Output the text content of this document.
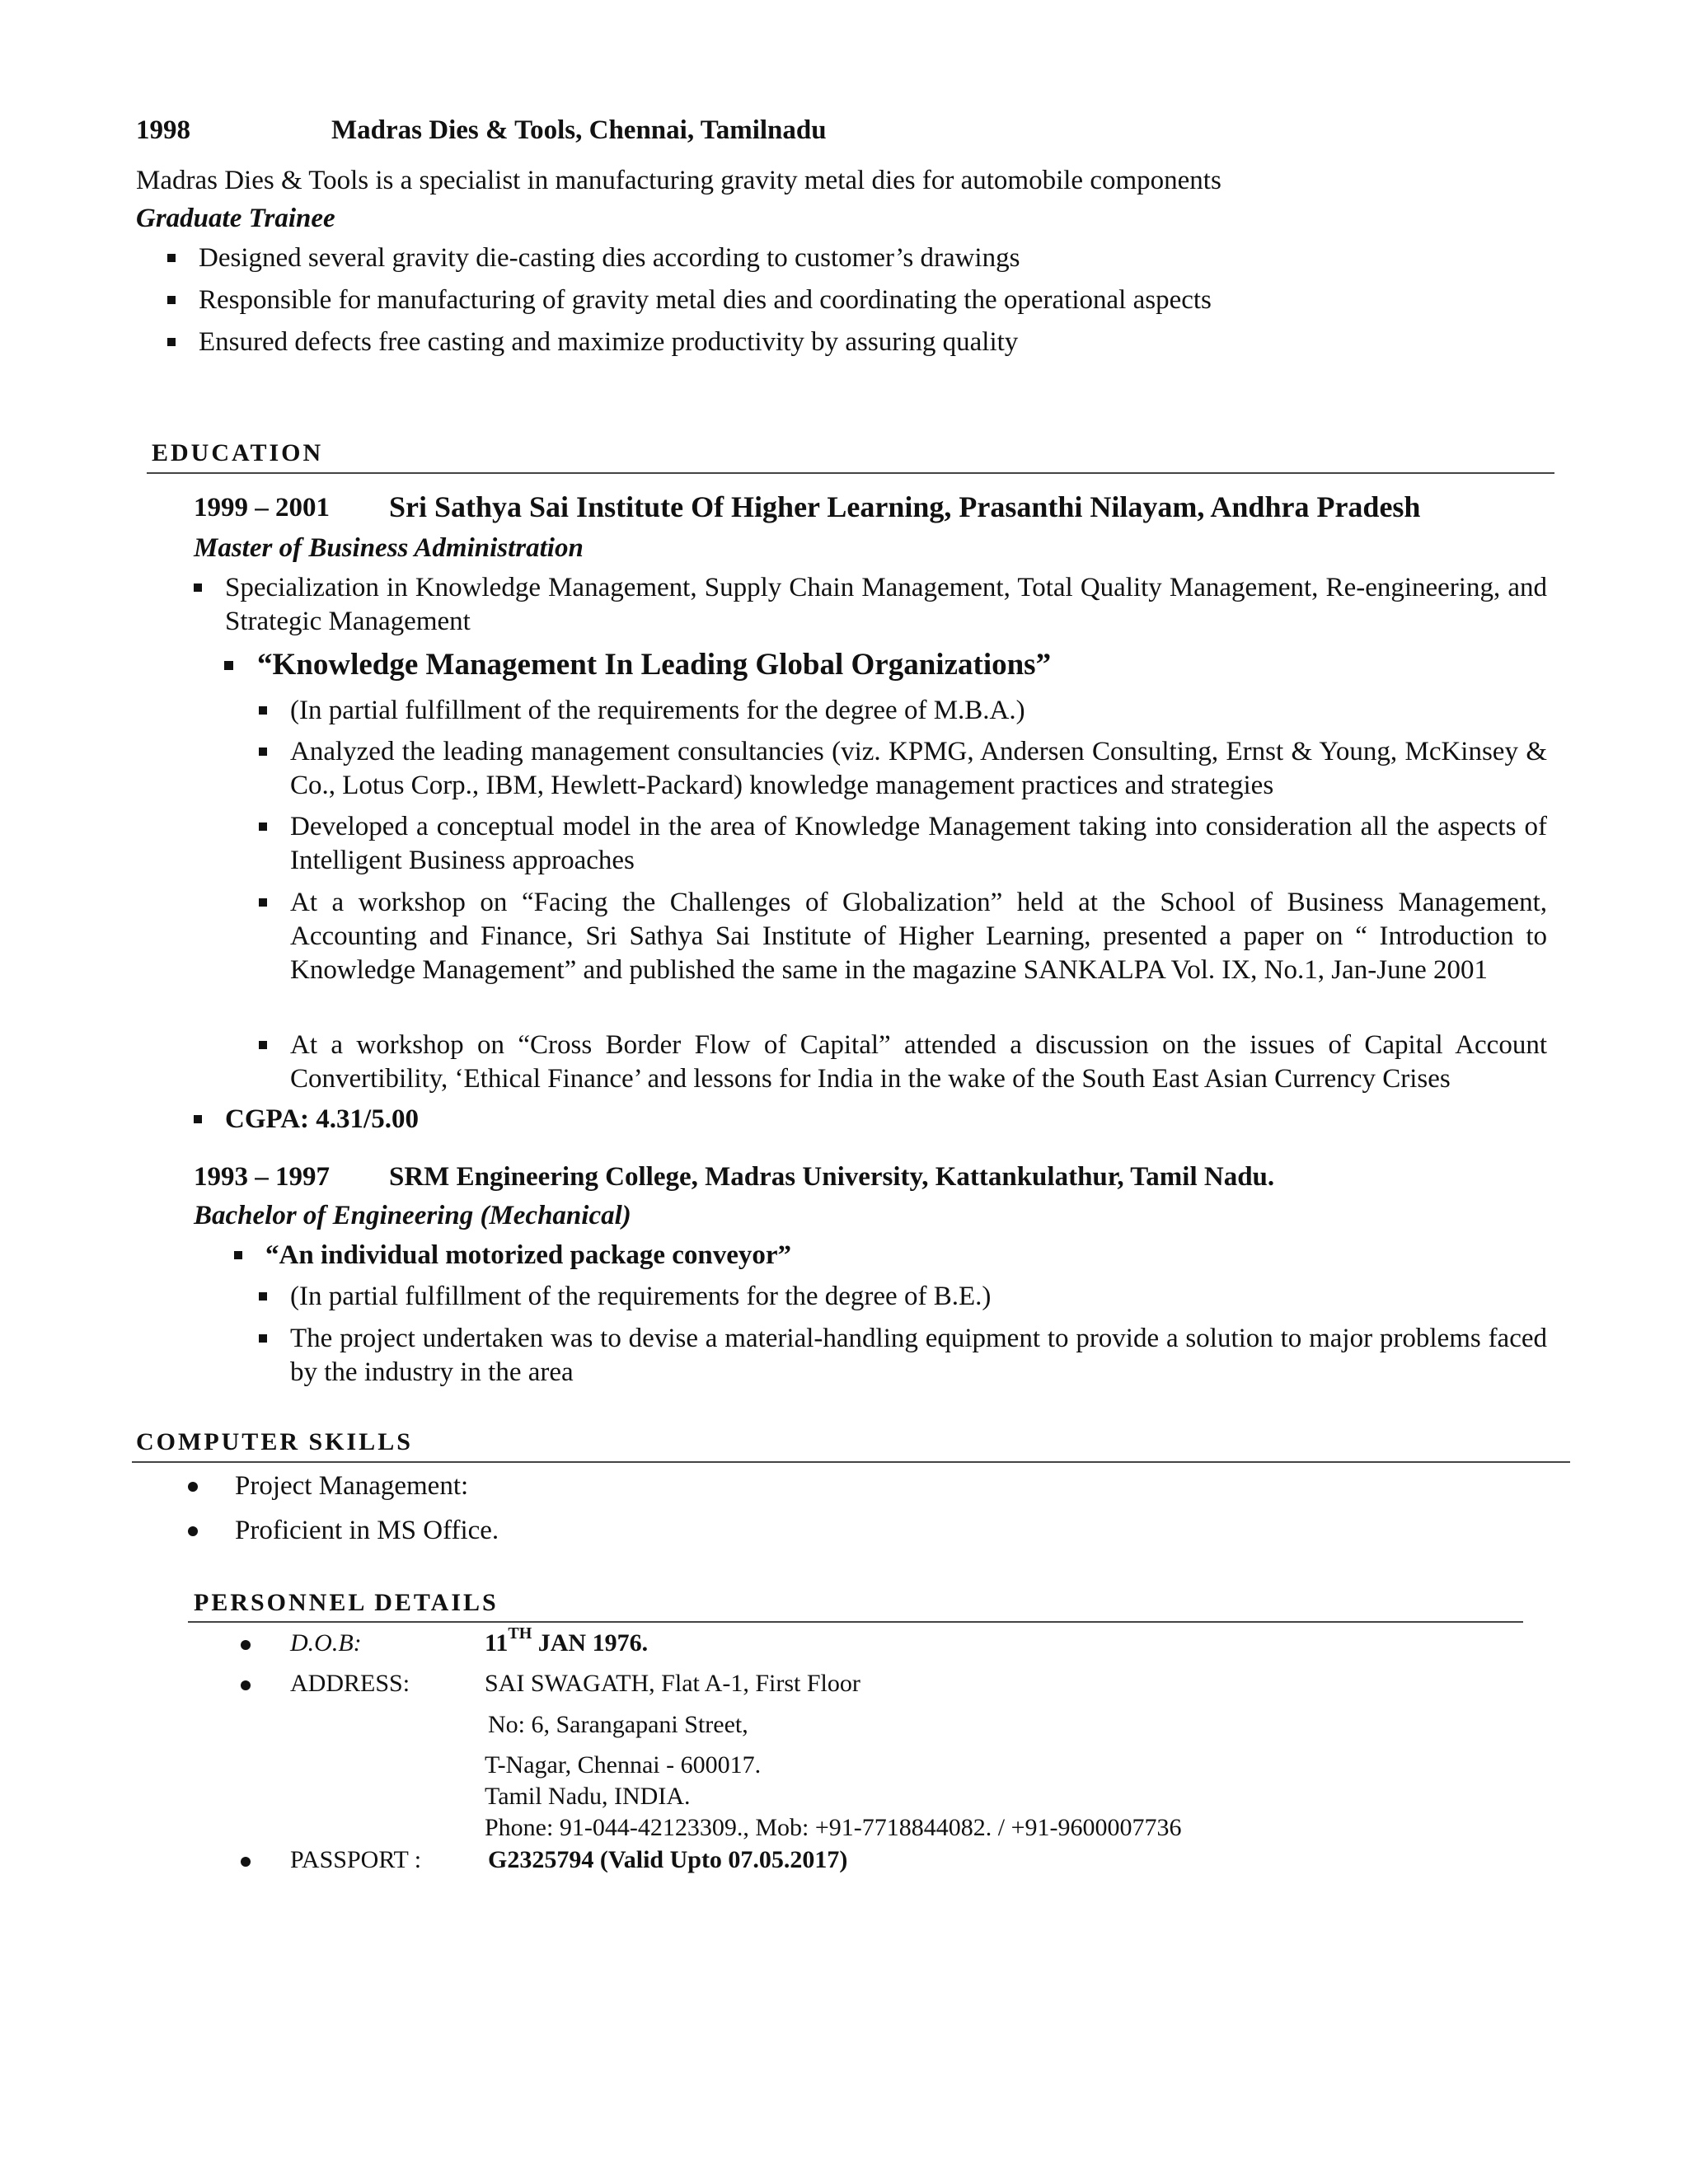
1998	Madras Dies & Tools, Chennai, Tamilnadu
Madras Dies & Tools is a specialist in manufacturing gravity metal dies for automobile components
Graduate Trainee
Designed several gravity die-casting dies according to customer’s drawings
Responsible for manufacturing of gravity metal dies and coordinating the operational aspects
Ensured defects free casting and maximize productivity by assuring quality
EDUCATION
1999 – 2001 Sri Sathya Sai Institute Of Higher Learning, Prasanthi Nilayam, Andhra Pradesh
Master of Business Administration
Specialization in Knowledge Management, Supply Chain Management, Total Quality Management, Re-engineering, and Strategic Management
“Knowledge Management In Leading Global Organizations”
(In partial fulfillment of the requirements for the degree of M.B.A.)
Analyzed the leading management consultancies (viz. KPMG, Andersen Consulting, Ernst & Young, McKinsey & Co., Lotus Corp., IBM, Hewlett-Packard) knowledge management practices and strategies
Developed a conceptual model in the area of Knowledge Management taking into consideration all the aspects of Intelligent Business approaches
At a workshop on “Facing the Challenges of Globalization” held at the School of Business Management, Accounting and Finance, Sri Sathya Sai Institute of Higher Learning, presented a paper on “ Introduction to Knowledge Management” and published the same in the magazine SANKALPA Vol. IX, No.1, Jan-June 2001
At a workshop on “Cross Border Flow of Capital” attended a discussion on the issues of Capital Account Convertibility, ‘Ethical Finance’ and lessons for India in the wake of the South East Asian Currency Crises
CGPA: 4.31/5.00
1993 – 1997 SRM Engineering College, Madras University, Kattankulathur, Tamil Nadu.
Bachelor of Engineering (Mechanical)
“An individual motorized package conveyor”
(In partial fulfillment of the requirements for the degree of B.E.)
The project undertaken was to devise a material-handling equipment to provide a solution to major problems faced by the industry in the area
COMPUTER SKILLS
Project Management:
Proficient in MS Office.
PERSONNEL DETAILS
D.O.B:	11TH JAN 1976.
ADDRESS:	SAI SWAGATH, Flat A-1, First Floor
No: 6, Sarangapani Street,
T-Nagar, Chennai - 600017.
Tamil Nadu, INDIA.
Phone: 91-044-42123309., Mob: +91-7718844082. / +91-9600007736
PASSPORT :	G2325794 (Valid Upto 07.05.2017)
